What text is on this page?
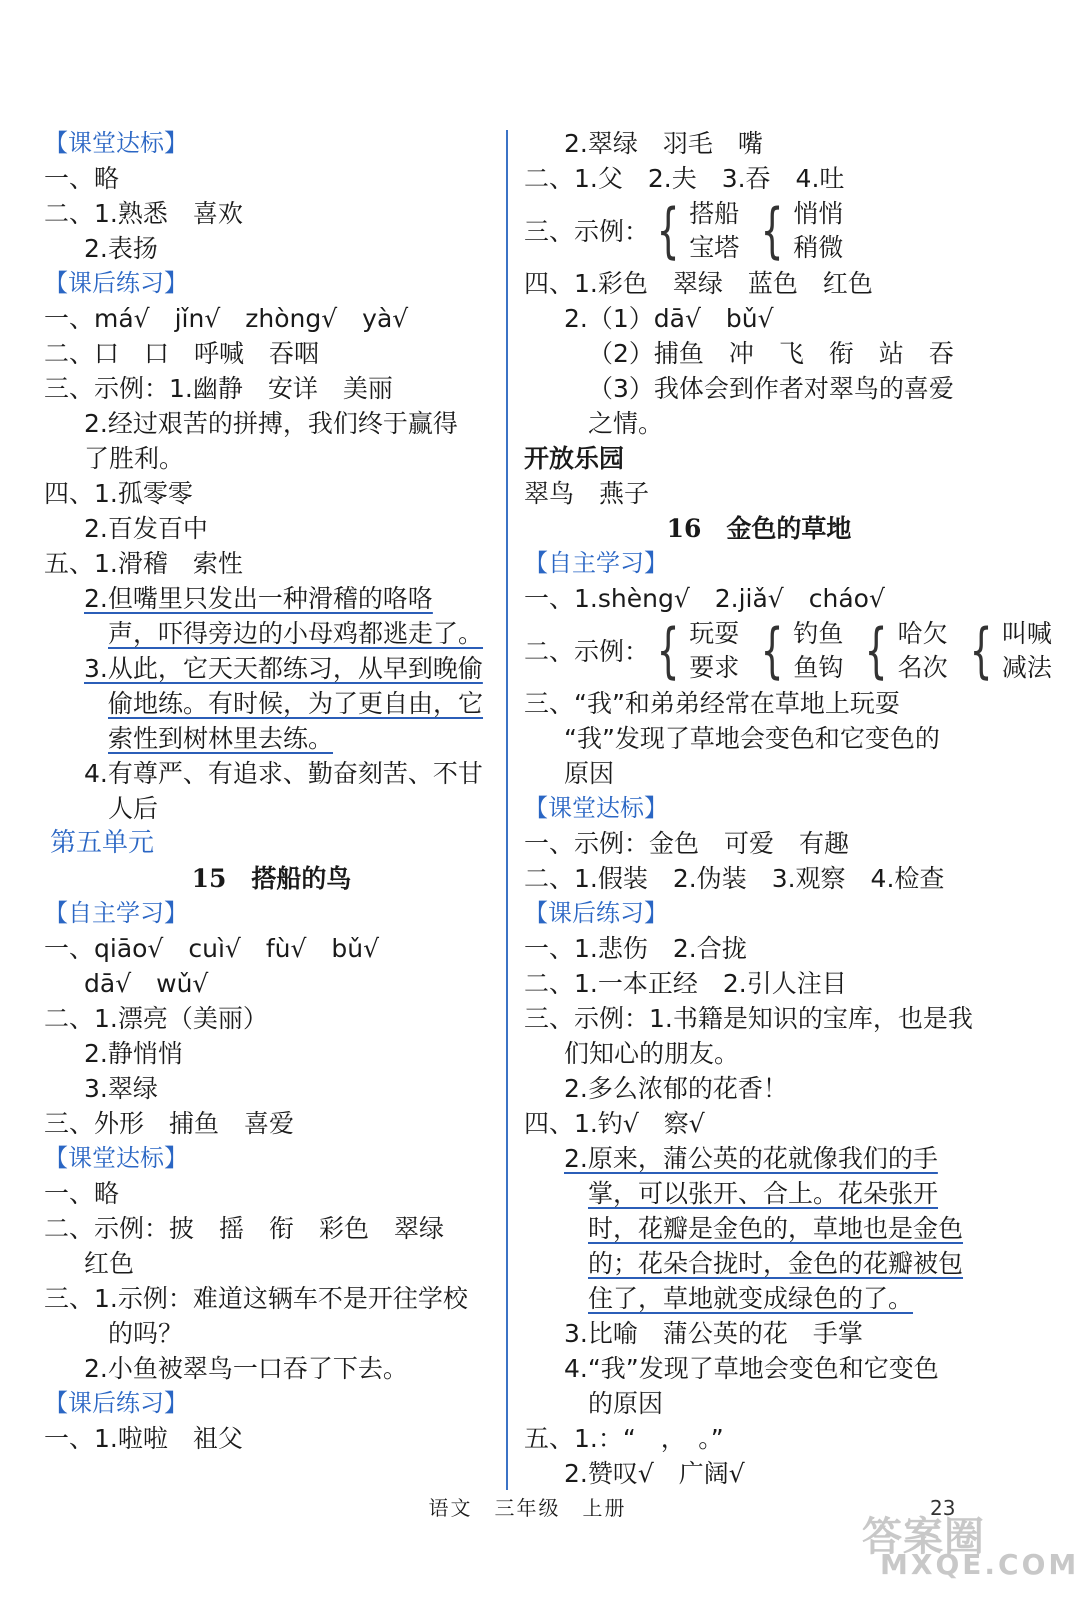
【课堂达标】
一、略
二、1.熟悉　喜欢
2.表扬
【课后练习】
一、má√　jǐn√　zhòng√　yà√
二、口　口　呼喊　吞咽
三、示例：1.幽静　安详　美丽
2.经过艰苦的拼搏，我们终于赢得
了胜利。
四、1.孤零零
2.百发百中
五、1.滑稽　索性
2.但嘴里只发出一种滑稽的咯咯
声，吓得旁边的小母鸡都逃走了。
3.从此，它天天都练习，从早到晚偷
偷地练。有时候，为了更自由，它
索性到树林里去练。
4.有尊严、有追求、勤奋刻苦、不甘
人后
第五单元
15　搭船的鸟
【自主学习】
一、qiāo√　cuì√　fù√　bǔ√
dā√　wǔ√
二、1.漂亮（美丽）
2.静悄悄
3.翠绿
三、外形　捕鱼　喜爱
【课堂达标】
一、略
二、示例：披　摇　衔　彩色　翠绿
红色
三、1.示例：难道这辆车不是开往学校
的吗？
2.小鱼被翠鸟一口吞了下去。
【课后练习】
一、1.啦啦　祖父
2.翠绿　羽毛　嘴
二、1.父　2.夫　3.吞　4.吐
三、示例： { 搭船
宝塔 { 悄悄
稍微
四、1.彩色　翠绿　蓝色　红色
2.（1）dā√　bǔ√
（2）捕鱼　冲　飞　衔　站　吞
（3）我体会到作者对翠鸟的喜爱
之情。
开放乐园
翠鸟　燕子
16　金色的草地
【自主学习】
一、1.shèng√　2.jiǎ√　cháo√
二、示例： { 玩耍
要求 { 钓鱼
鱼钩 { 哈欠
名次 { 叫喊
减法
三、“我”和弟弟经常在草地上玩耍
“我”发现了草地会变色和它变色的
原因
【课堂达标】
一、示例：金色　可爱　有趣
二、1.假装　2.伪装　3.观察　4.检查
【课后练习】
一、1.悲伤　2.合拢
二、1.一本正经　2.引人注目
三、示例：1.书籍是知识的宝库，也是我
们知心的朋友。
2.多么浓郁的花香！
四、1.钓√　察√
2.原来，蒲公英的花就像我们的手
掌，可以张开、合上。花朵张开
时，花瓣是金色的，草地也是金色
的；花朵合拢时，金色的花瓣被包
住了，草地就变成绿色的了。
3.比喻　蒲公英的花　手掌
4.“我”发现了草地会变色和它变色
的原因
五、1.：“　，　。”
2.赞叹√　广阔√
语文　三年级　上册	23
答案圈
MXQE.COM
